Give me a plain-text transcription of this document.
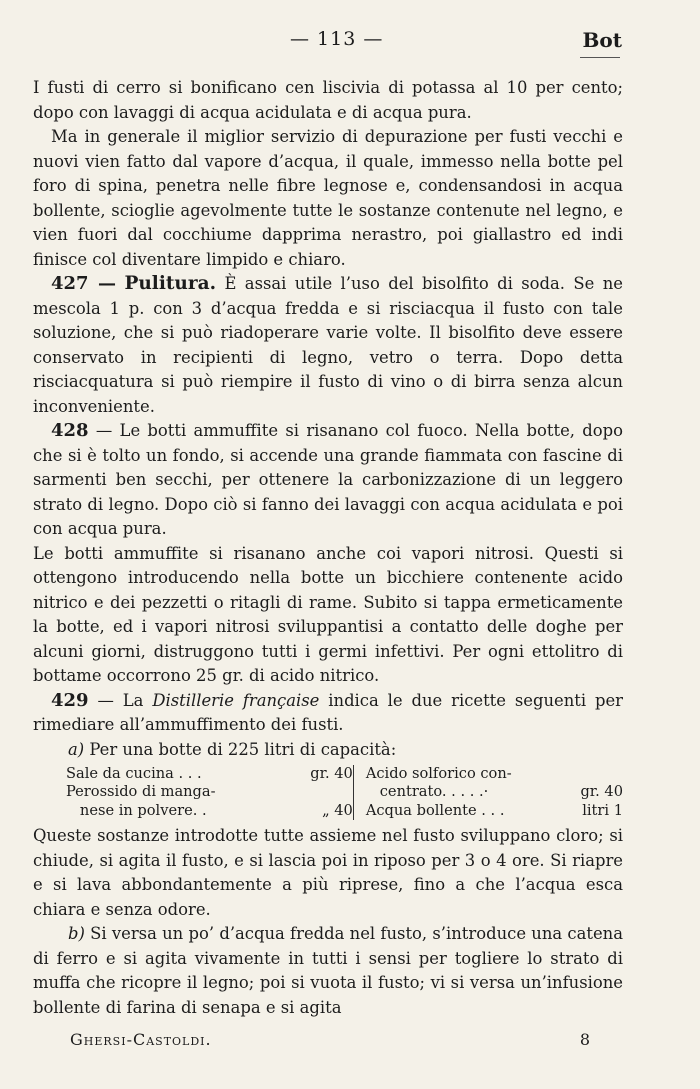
— 113 —	Bot

I fusti di cerro si bonificano cen liscivia di potassa al 10 per cento; dopo con lavaggi di acqua acidulata e di acqua pura.

Ma in generale il miglior servizio di depurazione per fusti vecchi e nuovi vien fatto dal vapore d’acqua, il quale, immesso nella botte pel foro di spina, penetra nelle fibre legnose e, condensandosi in acqua bollente, scioglie agevolmente tutte le sostanze contenute nel legno, e vien fuori dal cocchiume dapprima nerastro, poi giallastro ed indi finisce col diventare limpido e chiaro.

427 — Pulitura. È assai utile l’uso del bisolfito di soda. Se ne mescola 1 p. con 3 d’acqua fredda e si risciacqua il fusto con tale soluzione, che si può riadoperare varie volte. Il bisolfito deve essere conservato in recipienti di legno, vetro o terra. Dopo detta risciacquatura si può riempire il fusto di vino o di birra senza alcun inconveniente.

428 — Le botti ammuffite si risanano col fuoco. Nella botte, dopo che si è tolto un fondo, si accende una grande fiammata con fascine di sarmenti ben secchi, per ottenere la carbonizzazione di un leggero strato di legno. Dopo ciò si fanno dei lavaggi con acqua acidulata e poi con acqua pura.

Le botti ammuffite si risanano anche coi vapori nitrosi. Questi si ottengono introducendo nella botte un bicchiere contenente acido nitrico e dei pezzetti o ritagli di rame. Subito si tappa ermeticamente la botte, ed i vapori nitrosi sviluppantisi a contatto delle doghe per alcuni giorni, distruggono tutti i germi infettivi. Per ogni ettolitro di bottame occorrono 25 gr. di acido nitrico.

429 — La Distillerie française indica le due ricette seguenti per rimediare all’ammuffimento dei fusti.

a) Per una botte di 225 litri di capacità:

Sale da cucina . . .	gr. 40
Perossido di manga-
nese in polvere. .	„ 40
Acido solforico con-
centrato. . . . .·	gr. 40
Acqua bollente . . .	litri 1

Queste sostanze introdotte tutte assieme nel fusto sviluppano cloro; si chiude, si agita il fusto, e si lascia poi in riposo per 3 o 4 ore. Si riapre e si lava abbondantemente a più riprese, fino a che l’acqua esca chiara e senza odore.

b) Si versa un po’ d’acqua fredda nel fusto, s’introduce una catena di ferro e si agita vivamente in tutti i sensi per togliere lo strato di muffa che ricopre il legno; poi si vuota il fusto; vi si versa un’infusione bollente di farina di senapa e si agita

Ghersi-Castoldi.	8
